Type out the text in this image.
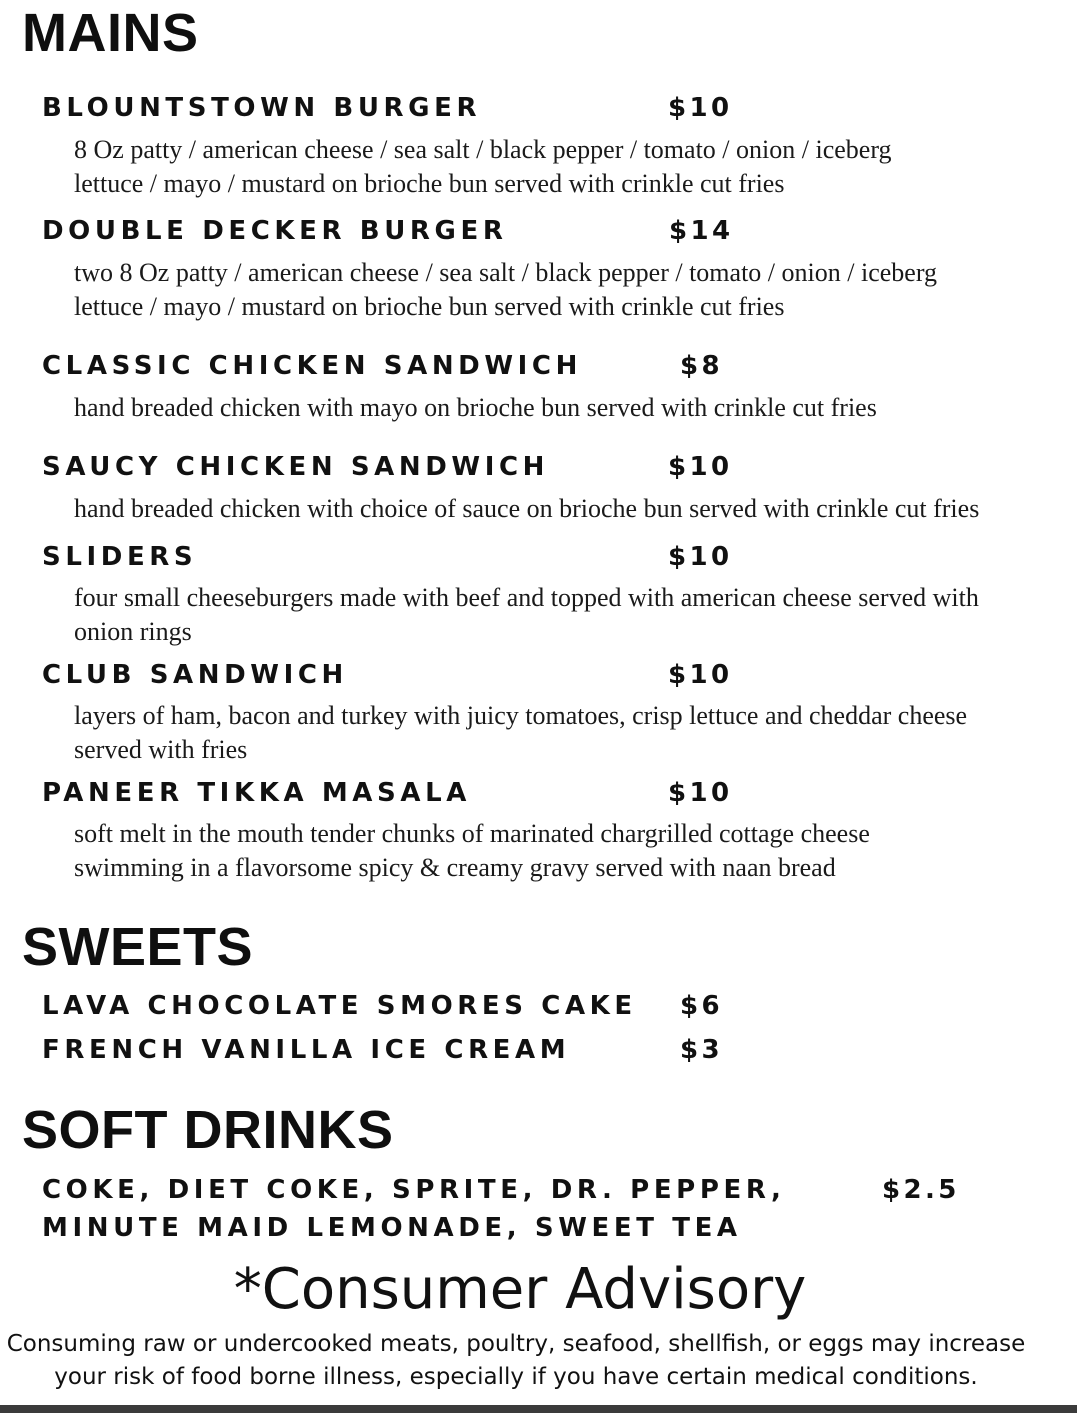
MAINS
BLOUNTSTOWN BURGER	$10
8 Oz patty / american cheese / sea salt / black pepper / tomato / onion / iceberg lettuce / mayo / mustard on brioche bun served with crinkle cut fries
DOUBLE DECKER BURGER	$14
two 8 Oz patty / american cheese / sea salt / black pepper / tomato / onion / iceberg lettuce / mayo / mustard on brioche bun served with crinkle cut fries
CLASSIC CHICKEN SANDWICH	$8
hand breaded chicken with mayo on brioche bun served with crinkle cut fries
SAUCY CHICKEN SANDWICH	$10
hand breaded chicken with choice of sauce on brioche bun served with crinkle cut fries
SLIDERS	$10
four small cheeseburgers made with beef and topped with american cheese served with onion rings
CLUB SANDWICH	$10
layers of ham, bacon and turkey with juicy tomatoes, crisp lettuce and cheddar cheese served with fries
PANEER TIKKA MASALA	$10
soft melt in the mouth tender chunks of marinated chargrilled cottage cheese swimming in a flavorsome spicy & creamy gravy served with naan bread
SWEETS
LAVA CHOCOLATE SMORES CAKE $6
FRENCH VANILLA ICE CREAM	$3
SOFT DRINKS
COKE, DIET COKE, SPRITE, DR. PEPPER,
MINUTE MAID LEMONADE, SWEET TEA
$2.5
*Consumer Advisory
Consuming raw or undercooked meats, poultry, seafood, shellfish, or eggs may increase your risk of food borne illness, especially if you have certain medical conditions.
